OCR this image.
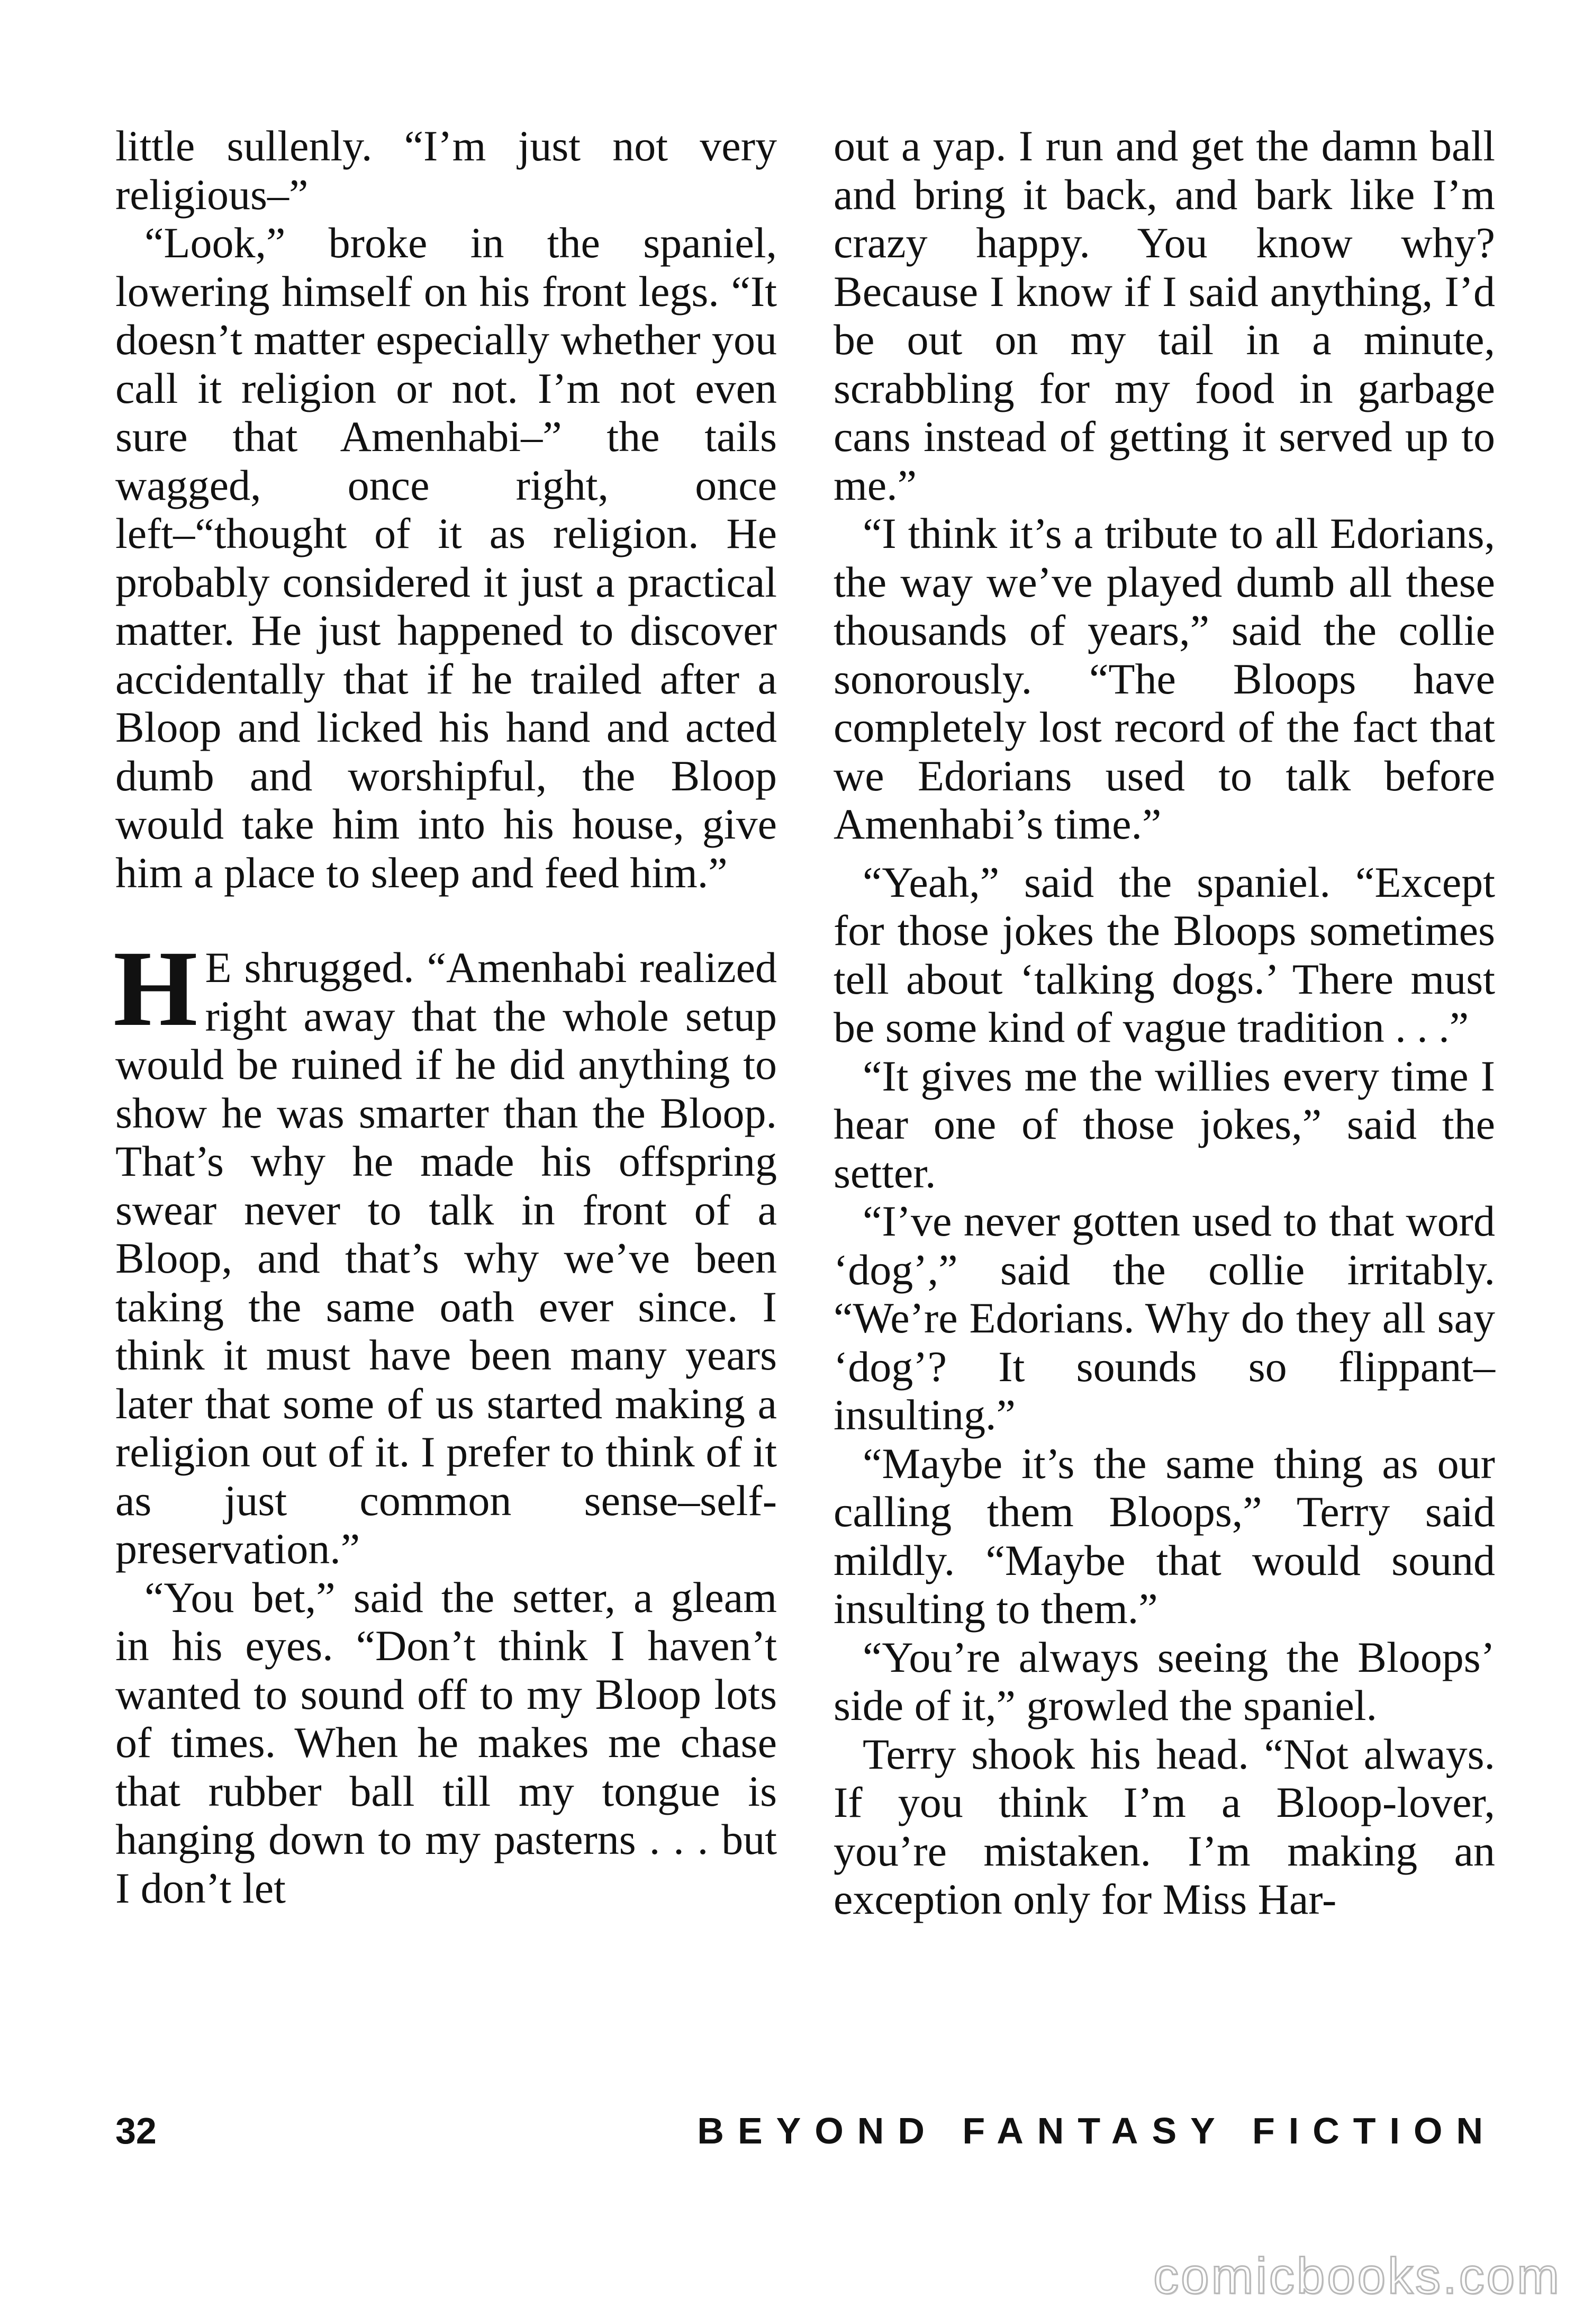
little sullenly. “I’m just not very religious–”

“Look,” broke in the spaniel, lowering himself on his front legs. “It doesn’t matter especially whether you call it religion or not. I’m not even sure that Amenhabi–” the tails wagged, once right, once left–“thought of it as religion. He probably considered it just a practical matter. He just happened to discover accidentally that if he trailed after a Bloop and licked his hand and acted dumb and worshipful, the Bloop would take him into his house, give him a place to sleep and feed him.”

H E shrugged. “Amenhabi realized right away that the whole setup would be ruined if he did anything to show he was smarter than the Bloop. That’s why he made his offspring swear never to talk in front of a Bloop, and that’s why we’ve been taking the same oath ever since. I think it must have been many years later that some of us started making a religion out of it. I prefer to think of it as just common sense–self-preservation.”

“You bet,” said the setter, a gleam in his eyes. “Don’t think I haven’t wanted to sound off to my Bloop lots of times. When he makes me chase that rubber ball till my tongue is hanging down to my pasterns . . . but I don’t let

out a yap. I run and get the damn ball and bring it back, and bark like I’m crazy happy. You know why? Because I know if I said anything, I’d be out on my tail in a minute, scrabbling for my food in garbage cans instead of getting it served up to me.”

“I think it’s a tribute to all Edorians, the way we’ve played dumb all these thousands of years,” said the collie sonorously. “The Bloops have completely lost record of the fact that we Edorians used to talk before Amenhabi’s time.”

“Yeah,” said the spaniel. “Except for those jokes the Bloops sometimes tell about ‘talking dogs.’ There must be some kind of vague tradition . . .”

“It gives me the willies every time I hear one of those jokes,” said the setter.

“I’ve never gotten used to that word ‘dog’,” said the collie irritably. “We’re Edorians. Why do they all say ‘dog’? It sounds so flippant–insulting.”

“Maybe it’s the same thing as our calling them Bloops,” Terry said mildly. “Maybe that would sound insulting to them.”

“You’re always seeing the Bloops’ side of it,” growled the spaniel.

Terry shook his head. “Not always. If you think I’m a Bloop-lover, you’re mistaken. I’m making an exception only for Miss Har-

32	BEYOND FANTASY FICTION
comicbooks.com
